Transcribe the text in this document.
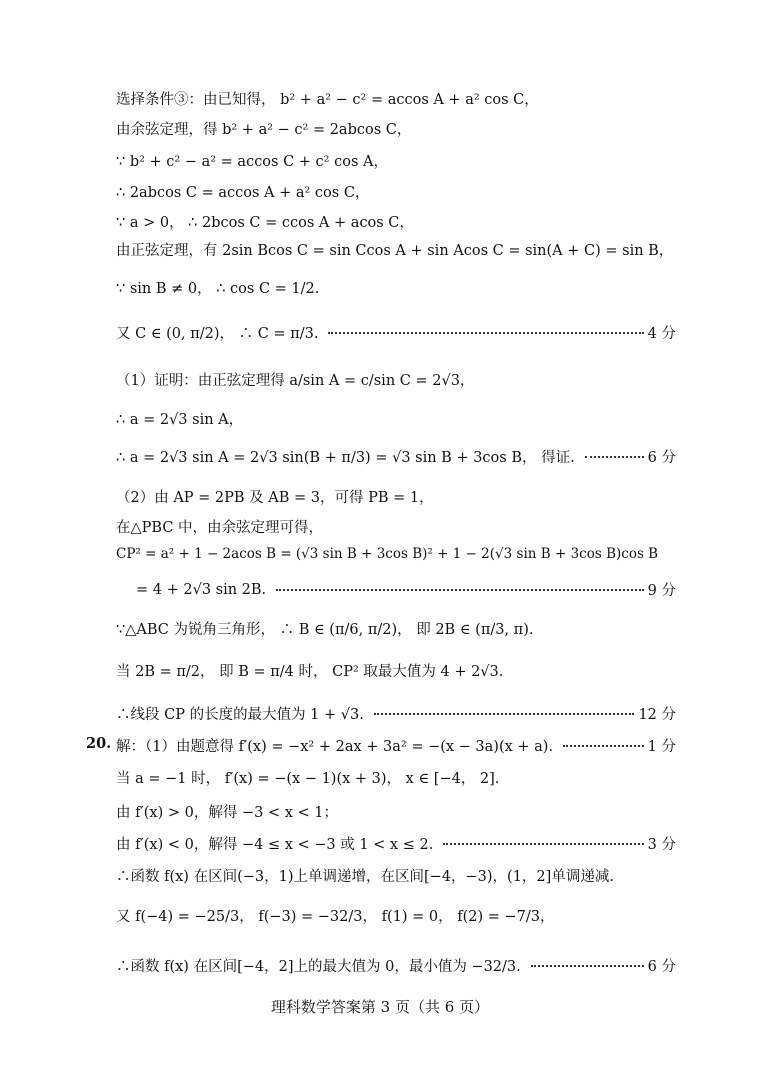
选择条件③：由已知得， b² + a² − c² = accos A + a² cos C，
由余弦定理，得 b² + a² − c² = 2abcos C，
∵ b² + c² − a² = accos C + c² cos A，
∴ 2abcos C = accos A + a² cos C，
∵ a > 0， ∴ 2bcos C = ccos A + acos C，
由正弦定理，有 2sin Bcos C = sin Ccos A + sin Acos C = sin(A + C) = sin B，
∵ sin B ≠ 0， ∴ cos C = 1/2.
又 C ∈ (0, π/2)， ∴ C = π/3.	4 分
（1）证明：由正弦定理得 a/sin A = c/sin C = 2√3，
∴ a = 2√3 sin A，
∴ a = 2√3 sin A = 2√3 sin(B + π/3) = √3 sin B + 3cos B， 得证.	6 分
（2）由 AP = 2PB 及 AB = 3，可得 PB = 1，
在△PBC 中，由余弦定理可得，
CP² = a² + 1 − 2acos B = (√3 sin B + 3cos B)² + 1 − 2(√3 sin B + 3cos B)cos B
= 4 + 2√3 sin 2B.	9 分
∵△ABC 为锐角三角形， ∴ B ∈ (π/6, π/2)， 即 2B ∈ (π/3, π).
当 2B = π/2， 即 B = π/4 时， CP² 取最大值为 4 + 2√3.
∴线段 CP 的长度的最大值为 1 + √3.	12 分
20. 解：（1）由题意得 f′(x) = −x² + 2ax + 3a² = −(x − 3a)(x + a).	1 分
当 a = −1 时， f′(x) = −(x − 1)(x + 3)， x ∈ [−4， 2].
由 f′(x) > 0，解得 −3 < x < 1；
由 f′(x) < 0，解得 −4 ≤ x < −3 或 1 < x ≤ 2.	3 分
∴函数 f(x) 在区间(−3，1)上单调递增，在区间[−4，−3)，(1，2]单调递减.
又 f(−4) = −25/3， f(−3) = −32/3， f(1) = 0， f(2) = −7/3，
∴函数 f(x) 在区间[−4，2]上的最大值为 0，最小值为 −32/3.	6 分
理科数学答案第 3 页（共 6 页）
